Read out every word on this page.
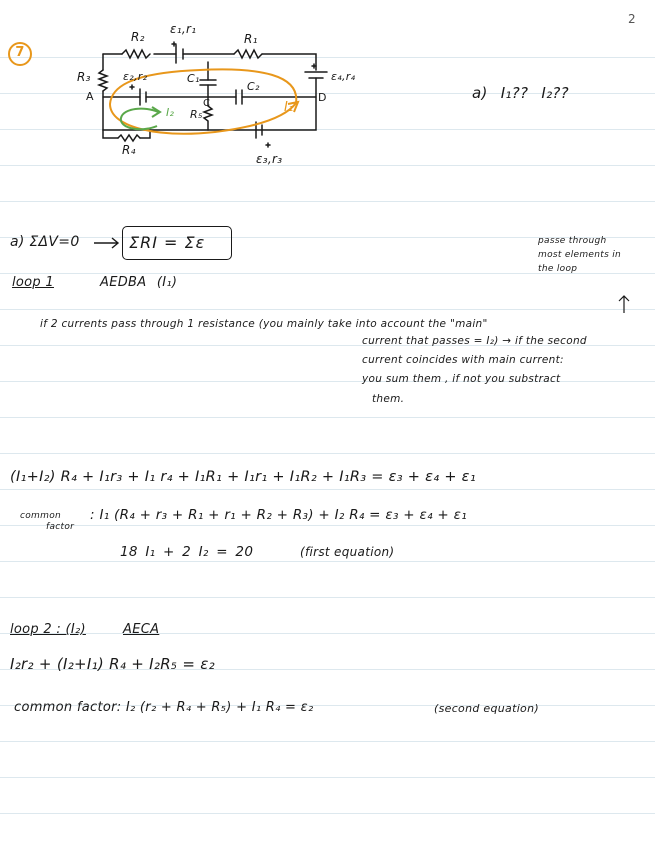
2
7
R₂
ε₁,r₁
R₁
R₃
A
ε₂,r₂	C₁
C₂
ε₄,r₄
D
C
R₅
I₂	I₁
R₄
ε₃,r₃
a) I₁?? I₂??
a) ΣΔV=0	ΣRI = Σε	passe through
most elements in
the loop
loop 1	AEDBA (I₁)
if 2 currents pass through 1 resistance (you mainly take into account the "main"
current that passes = I₂) → if the second
current coincides with main current:
you sum them , if not you substract
them.
(I₁+I₂) R₄ + I₁r₃ + I₁ r₄ + I₁R₁ + I₁r₁ + I₁R₂ + I₁R₃ = ε₃ + ε₄ + ε₁
common
factor
: I₁ (R₄ + r₃ + R₁ + r₁ + R₂ + R₃) + I₂ R₄ = ε₃ + ε₄ + ε₁
18 I₁ + 2 I₂ = 20	(first equation)
loop 2 : (I₂)	AECA
I₂r₂ + (I₂+I₁) R₄ + I₂R₅ = ε₂
common factor: I₂ (r₂ + R₄ + R₅) + I₁ R₄ = ε₂	(second equation)
